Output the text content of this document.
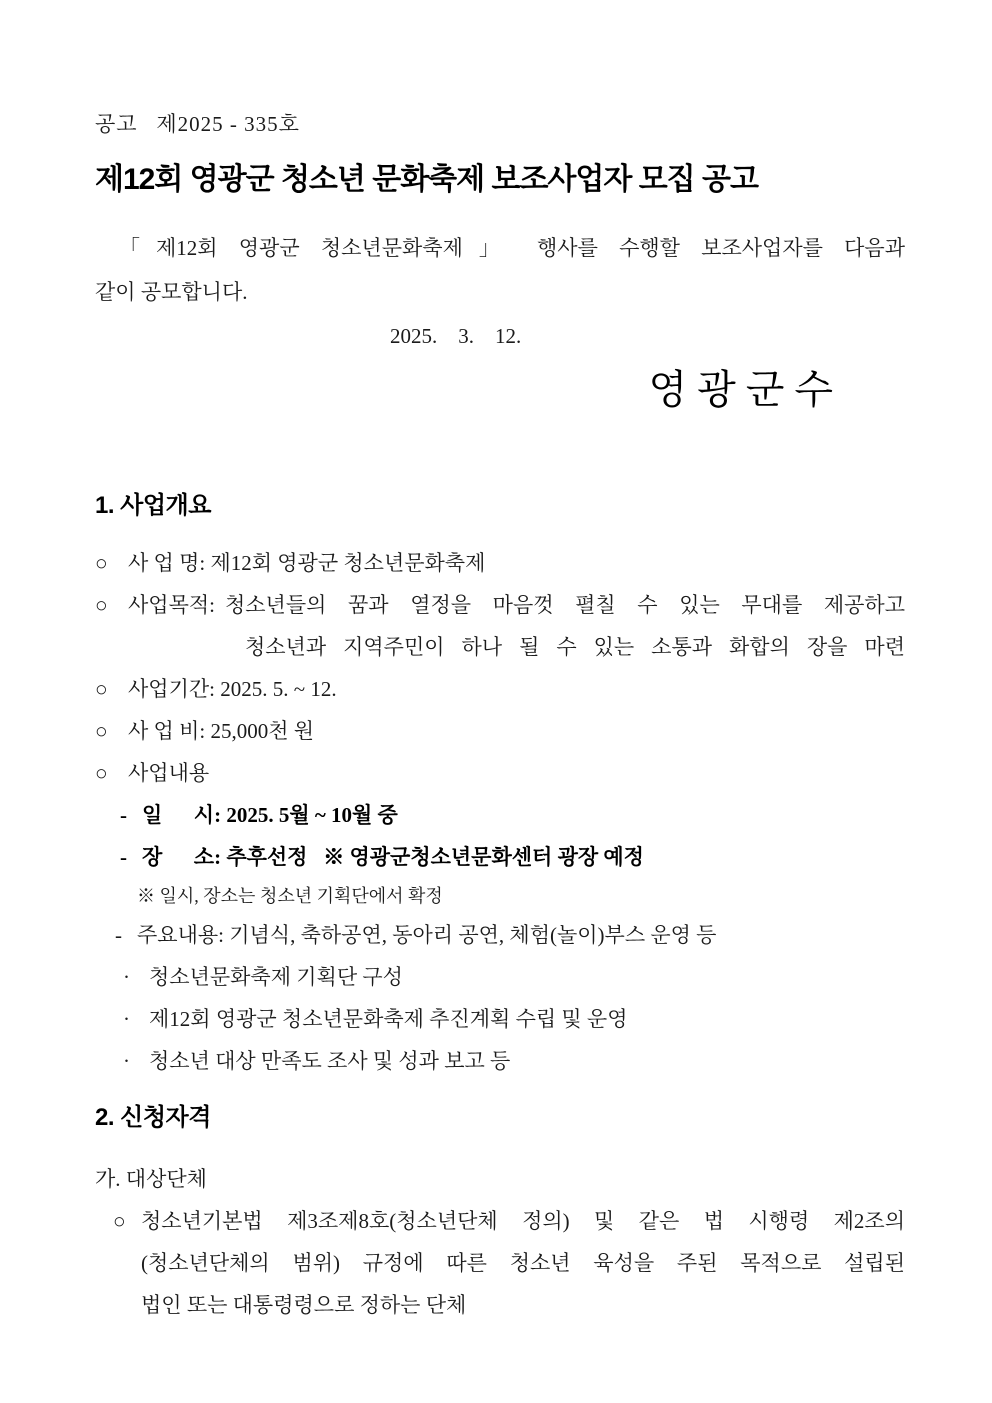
공고   제2025 - 335호
제12회 영광군 청소년 문화축제 보조사업자 모집 공고
「제12회 영광군 청소년문화축제」 행사를 수행할 보조사업자를 다음과
같이 공모합니다.
2025.    3.    12.
영 광 군 수
1. 사업개요
○ 사 업 명: 제12회 영광군 청소년문화축제
○ 사업목적: 청소년들의 꿈과 열정을 마음껏 펼칠 수 있는 무대를 제공하고
청소년과 지역주민이 하나 될 수 있는 소통과 화합의 장을 마련
○ 사업기간: 2025. 5. ~ 12.
○ 사 업 비: 25,000천 원
○ 사업내용
- 일      시: 2025. 5월 ~ 10월 중
- 장      소: 추후선정   ※ 영광군청소년문화센터 광장 예정
※ 일시, 장소는 청소년 기획단에서 확정
- 주요내용: 기념식, 축하공연, 동아리 공연, 체험(놀이)부스 운영 등
· 청소년문화축제 기획단 구성
· 제12회 영광군 청소년문화축제 추진계획 수립 및 운영
· 청소년 대상 만족도 조사 및 성과 보고 등
2. 신청자격
가. 대상단체
○ 청소년기본법 제3조제8호(청소년단체 정의) 및 같은 법 시행령 제2조의
(청소년단체의 범위) 규정에 따른 청소년 육성을 주된 목적으로 설립된
법인 또는 대통령령으로 정하는 단체
